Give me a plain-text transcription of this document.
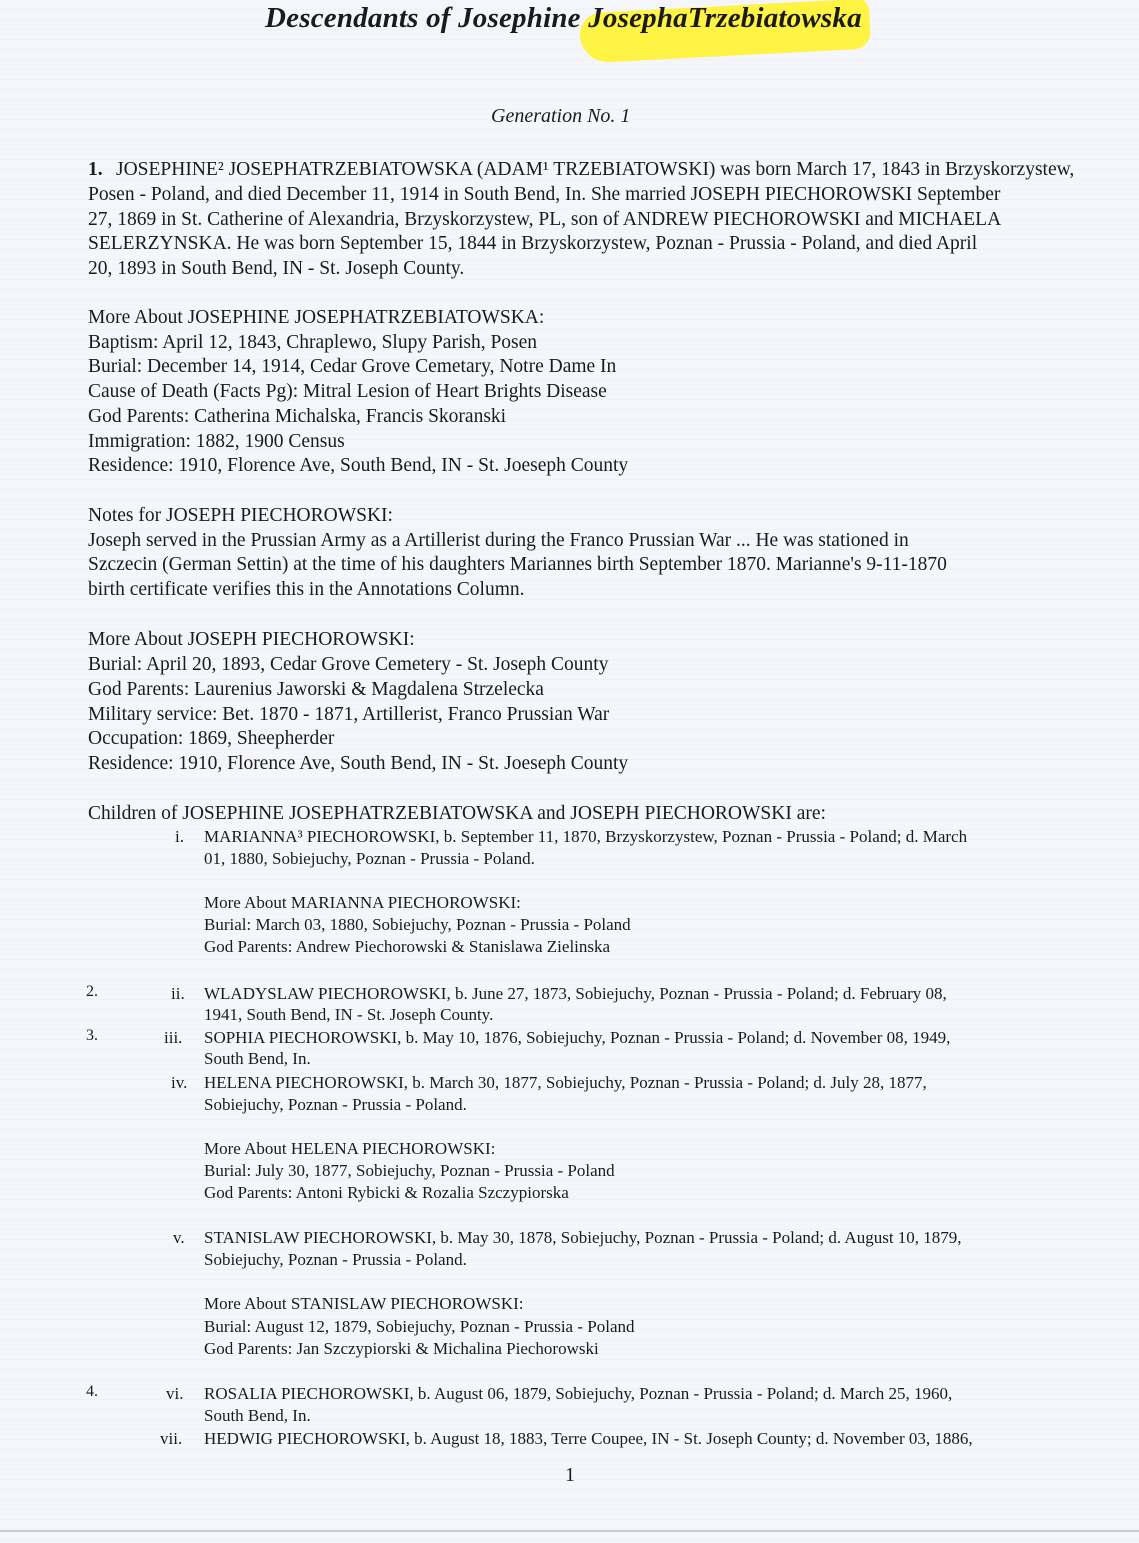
Descendants of Josephine JosephaTrzebiatowska
Generation No. 1
1. JOSEPHINE² JOSEPHATRZEBIATOWSKA (ADAM¹ TRZEBIATOWSKI) was born March 17, 1843 in Brzyskorzystew,
Posen - Poland, and died December 11, 1914 in South Bend, In. She married JOSEPH PIECHOROWSKI September
27, 1869 in St. Catherine of Alexandria, Brzyskorzystew, PL, son of ANDREW PIECHOROWSKI and MICHAELA
SELERZYNSKA. He was born September 15, 1844 in Brzyskorzystew, Poznan - Prussia - Poland, and died April
20, 1893 in South Bend, IN - St. Joseph County.
More About JOSEPHINE JOSEPHATRZEBIATOWSKA:
Baptism: April 12, 1843, Chraplewo, Slupy Parish, Posen
Burial: December 14, 1914, Cedar Grove Cemetary, Notre Dame In
Cause of Death (Facts Pg): Mitral Lesion of Heart Brights Disease
God Parents: Catherina Michalska, Francis Skoranski
Immigration: 1882, 1900 Census
Residence: 1910, Florence Ave, South Bend, IN - St. Joeseph County
Notes for JOSEPH PIECHOROWSKI:
Joseph served in the Prussian Army as a Artillerist during the Franco Prussian War ... He was stationed in
Szczecin (German Settin) at the time of his daughters Mariannes birth September 1870. Marianne's 9-11-1870
birth certificate verifies this in the Annotations Column.
More About JOSEPH PIECHOROWSKI:
Burial: April 20, 1893, Cedar Grove Cemetery - St. Joseph County
God Parents: Laurenius Jaworski & Magdalena Strzelecka
Military service: Bet. 1870 - 1871, Artillerist, Franco Prussian War
Occupation: 1869, Sheepherder
Residence: 1910, Florence Ave, South Bend, IN - St. Joeseph County
Children of JOSEPHINE JOSEPHATRZEBIATOWSKA and JOSEPH PIECHOROWSKI are:
i. MARIANNA³ PIECHOROWSKI, b. September 11, 1870, Brzyskorzystew, Poznan - Prussia - Poland; d. March
01, 1880, Sobiejuchy, Poznan - Prussia - Poland.
More About MARIANNA PIECHOROWSKI:
Burial: March 03, 1880, Sobiejuchy, Poznan - Prussia - Poland
God Parents: Andrew Piechorowski & Stanislawa Zielinska
2.	ii. WLADYSLAW PIECHOROWSKI, b. June 27, 1873, Sobiejuchy, Poznan - Prussia - Poland; d. February 08,
1941, South Bend, IN - St. Joseph County.
3.	iii. SOPHIA PIECHOROWSKI, b. May 10, 1876, Sobiejuchy, Poznan - Prussia - Poland; d. November 08, 1949,
South Bend, In.
iv. HELENA PIECHOROWSKI, b. March 30, 1877, Sobiejuchy, Poznan - Prussia - Poland; d. July 28, 1877,
Sobiejuchy, Poznan - Prussia - Poland.
More About HELENA PIECHOROWSKI:
Burial: July 30, 1877, Sobiejuchy, Poznan - Prussia - Poland
God Parents: Antoni Rybicki & Rozalia Szczypiorska
v. STANISLAW PIECHOROWSKI, b. May 30, 1878, Sobiejuchy, Poznan - Prussia - Poland; d. August 10, 1879,
Sobiejuchy, Poznan - Prussia - Poland.
More About STANISLAW PIECHOROWSKI:
Burial: August 12, 1879, Sobiejuchy, Poznan - Prussia - Poland
God Parents: Jan Szczypiorski & Michalina Piechorowski
4.	vi. ROSALIA PIECHOROWSKI, b. August 06, 1879, Sobiejuchy, Poznan - Prussia - Poland; d. March 25, 1960,
South Bend, In.
vii. HEDWIG PIECHOROWSKI, b. August 18, 1883, Terre Coupee, IN - St. Joseph County; d. November 03, 1886,
1
